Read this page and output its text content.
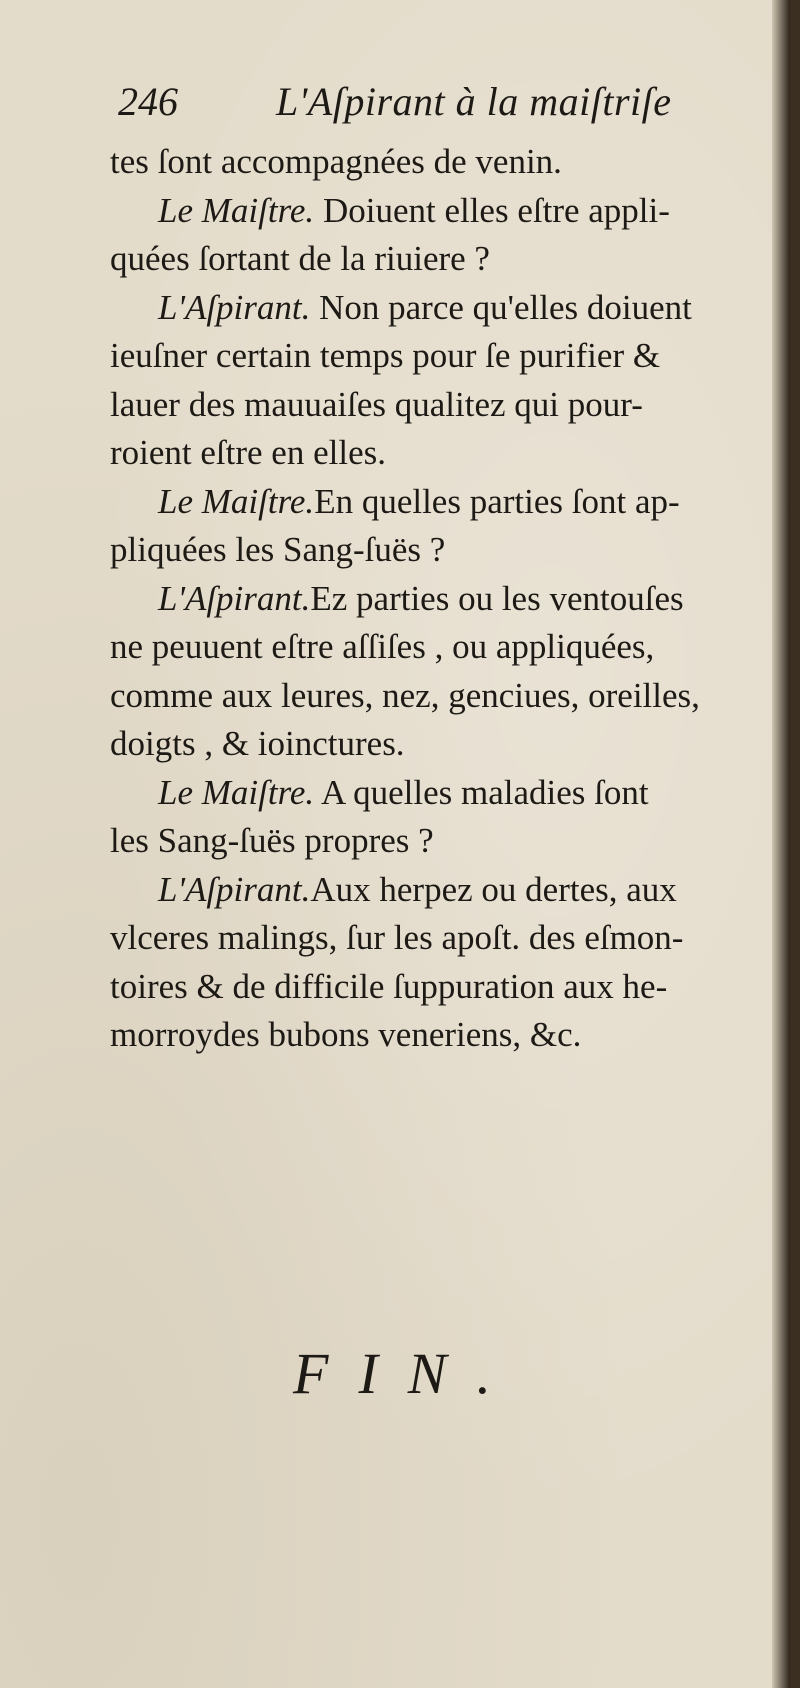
246 L'Aſpirant à la maiſtriſe
tes ſont accompagnées de venin.
Le Maiſtre. Doiuent elles eſtre appli-
quées ſortant de la riuiere ?
L'Aſpirant. Non parce qu'elles doiuent
ieuſner certain temps pour ſe purifier &
lauer des mauuaiſes qualitez qui pour-
roient eſtre en elles.
Le Maiſtre.En quelles parties ſont ap-
pliquées les Sang-ſuës ?
L'Aſpirant.Ez parties ou les ventouſes
ne peuuent eſtre aſſiſes , ou appliquées,
comme aux leures, nez, genciues, oreilles,
doigts , & ioinctures.
Le Maiſtre. A quelles maladies ſont
les Sang-ſuës propres ?
L'Aſpirant.Aux herpez ou dertes, aux
vlceres malings, ſur les apoſt. des eſmon-
toires & de difficile ſuppuration aux he-
morroydes bubons veneriens, &c.
FIN.
